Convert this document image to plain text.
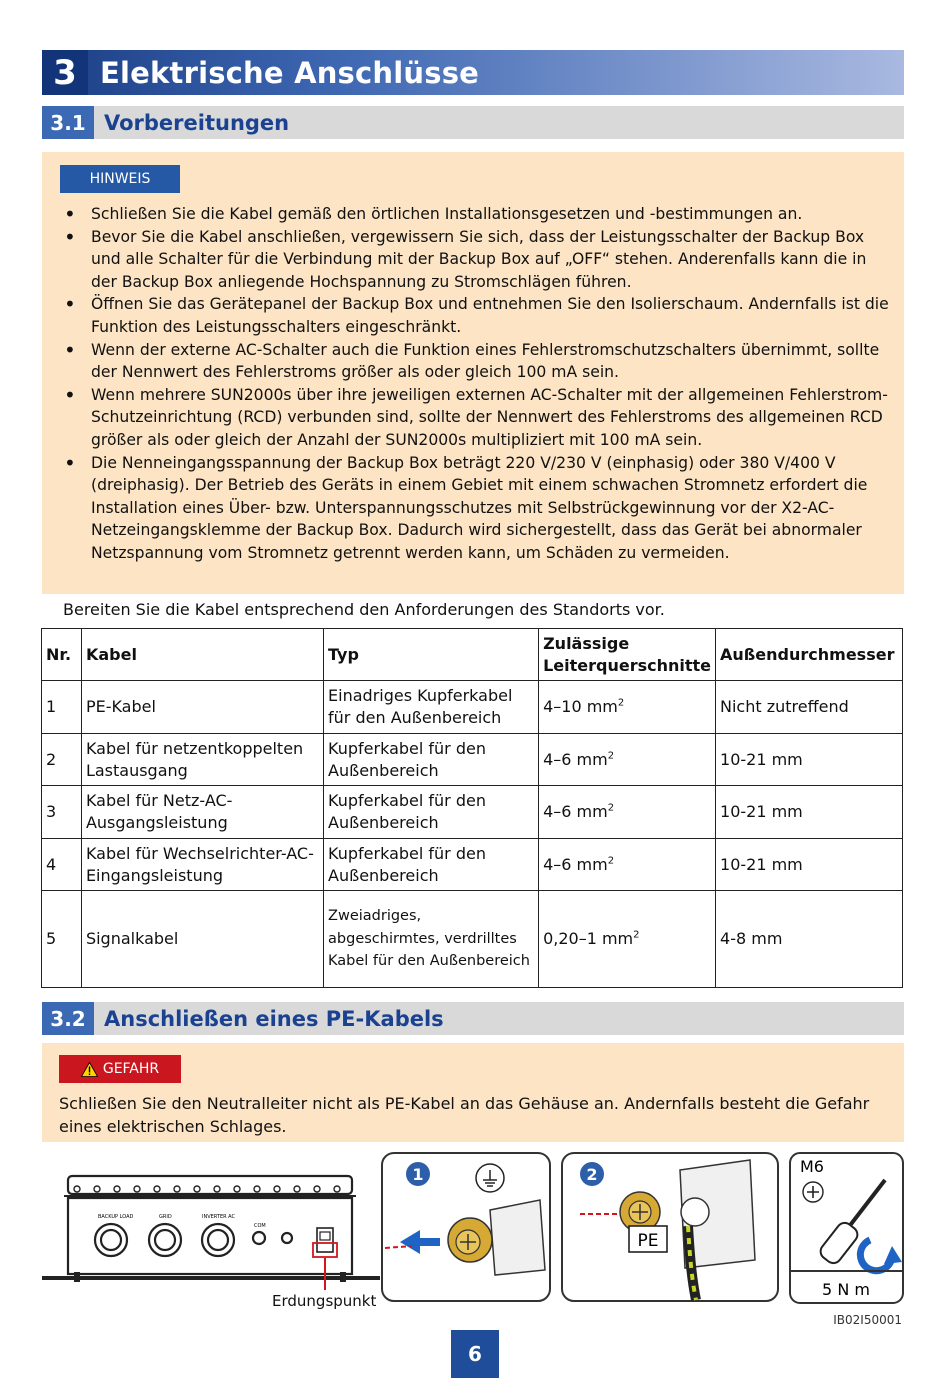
3 Elektrische Anschlüsse
3.1 Vorbereitungen
HINWEIS
• Schließen Sie die Kabel gemäß den örtlichen Installationsgesetzen und -bestimmungen an.
• Bevor Sie die Kabel anschließen, vergewissern Sie sich, dass der Leistungsschalter der Backup Box und alle Schalter für die Verbindung mit der Backup Box auf „OFF“ stehen. Anderenfalls kann die in der Backup Box anliegende Hochspannung zu Stromschlägen führen.
• Öffnen Sie das Gerätepanel der Backup Box und entnehmen Sie den Isolierschaum. Andernfalls ist die Funktion des Leistungsschalters eingeschränkt.
• Wenn der externe AC-Schalter auch die Funktion eines Fehlerstromschutzschalters übernimmt, sollte der Nennwert des Fehlerstroms größer als oder gleich 100 mA sein.
• Wenn mehrere SUN2000s über ihre jeweiligen externen AC-Schalter mit der allgemeinen Fehlerstrom-Schutzeinrichtung (RCD) verbunden sind, sollte der Nennwert des Fehlerstroms des allgemeinen RCD größer als oder gleich der Anzahl der SUN2000s multipliziert mit 100 mA sein.
• Die Nenneingangsspannung der Backup Box beträgt 220 V/230 V (einphasig) oder 380 V/400 V (dreiphasig). Der Betrieb des Geräts in einem Gebiet mit einem schwachen Stromnetz erfordert die Installation eines Über- bzw. Unterspannungsschutzes mit Selbstrückgewinnung vor der X2-AC-Netzeingangsklemme der Backup Box. Dadurch wird sichergestellt, dass das Gerät bei abnormaler Netzspannung vom Stromnetz getrennt werden kann, um Schäden zu vermeiden.
Bereiten Sie die Kabel entsprechend den Anforderungen des Standorts vor.
Nr.	Kabel	Typ	Zulässige
Leiterquerschnitte	Außendurchmesser
1	PE-Kabel	Einadriges Kupferkabel für den Außenbereich	4–10 $mm^2$	Nicht zutreffend
2	Kabel für netzentkoppelten Lastausgang	Kupferkabel für den Außenbereich	4–6 $mm^2$	10-21 mm
3	Kabel für Netz-AC-Ausgangsleistung	Kupferkabel für den Außenbereich	4–6 $mm^2$	10-21 mm
4	Kabel für Wechselrichter-AC-Eingangsleistung	Kupferkabel für den Außenbereich	4–6 $mm^2$	10-21 mm
5	Signalkabel	Zweiadriges, abgeschirmtes, verdrilltes Kabel für den Außenbereich	0,20–1 $mm^2$	4-8 mm
3.2 Anschließen eines PE-Kabels
GEFAHR
Schließen Sie den Neutralleiter nicht als PE-Kabel an das Gehäuse an. Andernfalls besteht die Gefahr eines elektrischen Schlages.
BACKUP LOAD	GRID	INVERTER AC
COM
1	2
PE
M6
5 N m
Erdungspunkt
IB02I50001
6
